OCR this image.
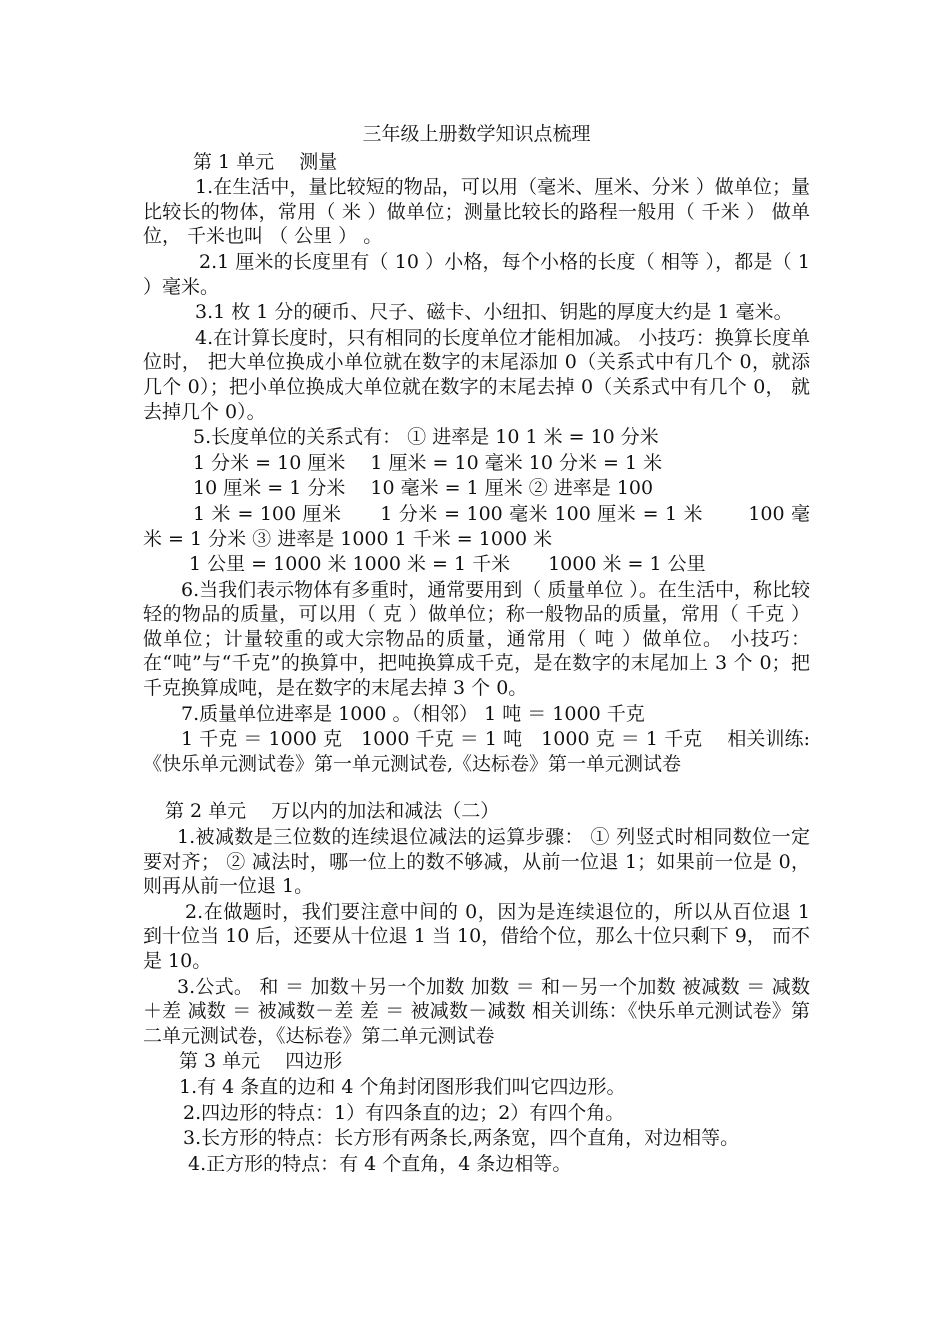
三年级上册数学知识点梳理

第 1 单元　 测量

1.在生活中，量比较短的物品，可以用（毫米、厘米、分米 ）做单位；量比较长的物体，常用（ 米 ）做单位；测量比较长的路程一般用（ 千米 ） 做单位， 千米也叫 （ 公里 ） 。

2.1 厘米的长度里有（ 10 ）小格，每个小格的长度（ 相等 ），都是（ 1 ）毫米。

3.1 枚 1 分的硬币、尺子、磁卡、小纽扣、钥匙的厚度大约是 1 毫米。

4.在计算长度时，只有相同的长度单位才能相加减。 小技巧：换算长度单位时， 把大单位换成小单位就在数字的末尾添加 0（关系式中有几个 0，就添几个 0）；把小单位换成大单位就在数字的末尾去掉 0（关系式中有几个 0， 就去掉几个 0）。

5.长度单位的关系式有： ① 进率是 10 1 米 = 10 分米

1 分米 = 10 厘米　 1 厘米 = 10 毫米 10 分米 = 1 米

10 厘米 = 1 分米　 10 毫米 = 1 厘米 ② 进率是 100

1 米 = 100 厘米　　1 分米 = 100 毫米 100 厘米 = 1 米　　 100 毫米 = 1 分米 ③ 进率是 1000 1 千米 = 1000 米

1 公里 = 1000 米 1000 米 = 1 千米　　1000 米 = 1 公里

6.当我们表示物体有多重时，通常要用到（ 质量单位 ）。在生活中，称比较轻的物品的质量，可以用（ 克 ）做单位；称一般物品的质量，常用（ 千克 ）做单位；计量较重的或大宗物品的质量，通常用（ 吨 ）做单位。 小技巧：在“吨”与“千克”的换算中，把吨换算成千克，是在数字的末尾加上 3 个 0；把千克换算成吨，是在数字的末尾去掉 3 个 0。

7.质量单位进率是 1000 。（相邻） 1 吨 ＝ 1000 千克

1 千克 ＝ 1000 克　1000 千克 ＝ 1 吨　1000 克 ＝ 1 千克　 相关训练:《快乐单元测试卷》第一单元测试卷,《达标卷》第一单元测试卷

第 2 单元　 万以内的加法和减法（二）

1.被减数是三位数的连续退位减法的运算步骤： ① 列竖式时相同数位一定要对齐； ② 减法时，哪一位上的数不够减，从前一位退 1；如果前一位是 0， 则再从前一位退 1。

2.在做题时，我们要注意中间的 0，因为是连续退位的，所以从百位退 1 到十位当 10 后，还要从十位退 1 当 10，借给个位，那么十位只剩下 9， 而不是 10。

3.公式。 和 ＝ 加数＋另一个加数 加数 ＝ 和－另一个加数 被减数 ＝ 减数＋差 减数 ＝ 被减数－差 差 ＝ 被减数－减数 相关训练：《快乐单元测试卷》第二单元测试卷，《达标卷》第二单元测试卷

第 3 单元　 四边形

1.有 4 条直的边和 4 个角封闭图形我们叫它四边形。

2.四边形的特点：1）有四条直的边；2）有四个角。

3.长方形的特点：长方形有两条长,两条宽，四个直角，对边相等。

4.正方形的特点：有 4 个直角，4 条边相等。
